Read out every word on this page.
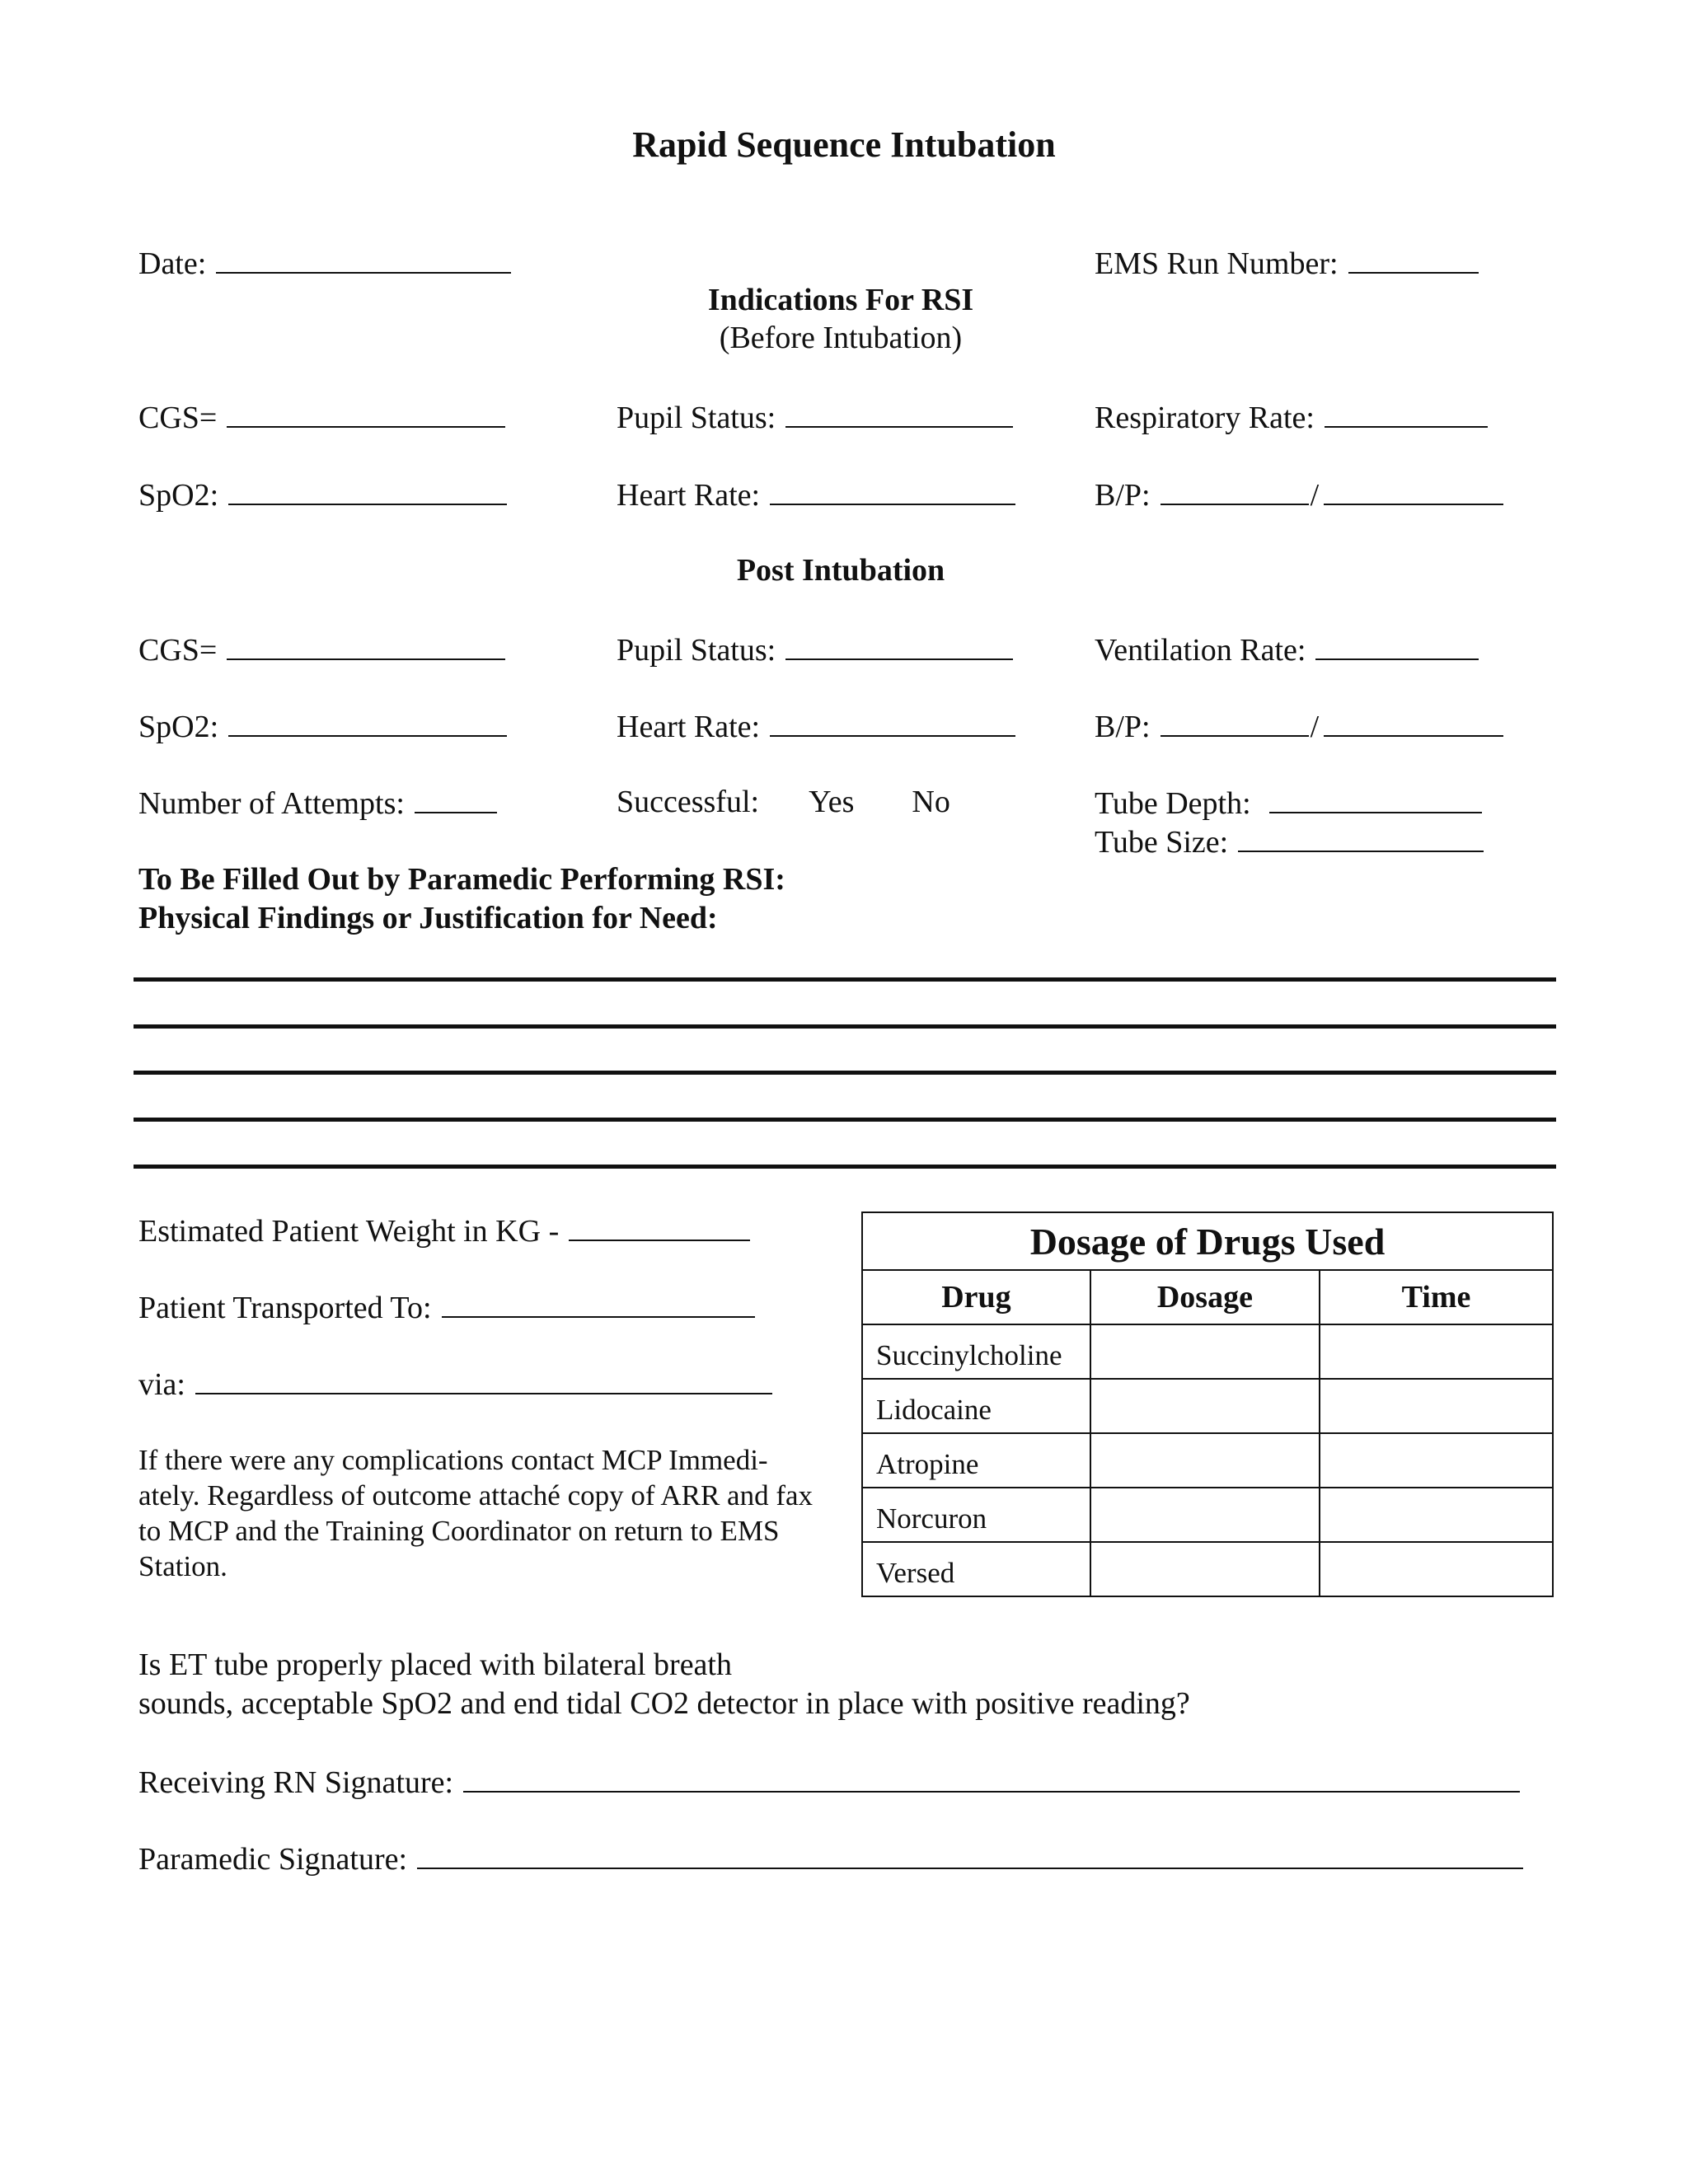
Rapid Sequence Intubation
Date:	EMS Run Number:
Indications For RSI
(Before Intubation)
CGS=	Pupil Status:	Respiratory Rate:
SpO2:	Heart Rate:	B/P:	/
Post Intubation
CGS=	Pupil Status:	Ventilation Rate:
SpO2:	Heart Rate:	B/P:	/
Number of Attempts:	Successful: Yes No	Tube Depth:
Tube Size:
To Be Filled Out by Paramedic Performing RSI:
Physical Findings or Justification for Need:
Estimated Patient Weight in KG -
Patient Transported To:
via:
If there were any complications contact MCP Immedi- ately. Regardless of outcome attaché copy of ARR and fax to MCP and the Training Coordinator on return to EMS Station.
Dosage of Drugs Used		
Drug	Dosage	Time
Succinylcholine		
Lidocaine		
Atropine		
Norcuron		
Versed		
Is ET tube properly placed with bilateral breath
sounds, acceptable SpO2 and end tidal CO2 detector in place with positive reading?
Receiving RN Signature:
Paramedic Signature:
